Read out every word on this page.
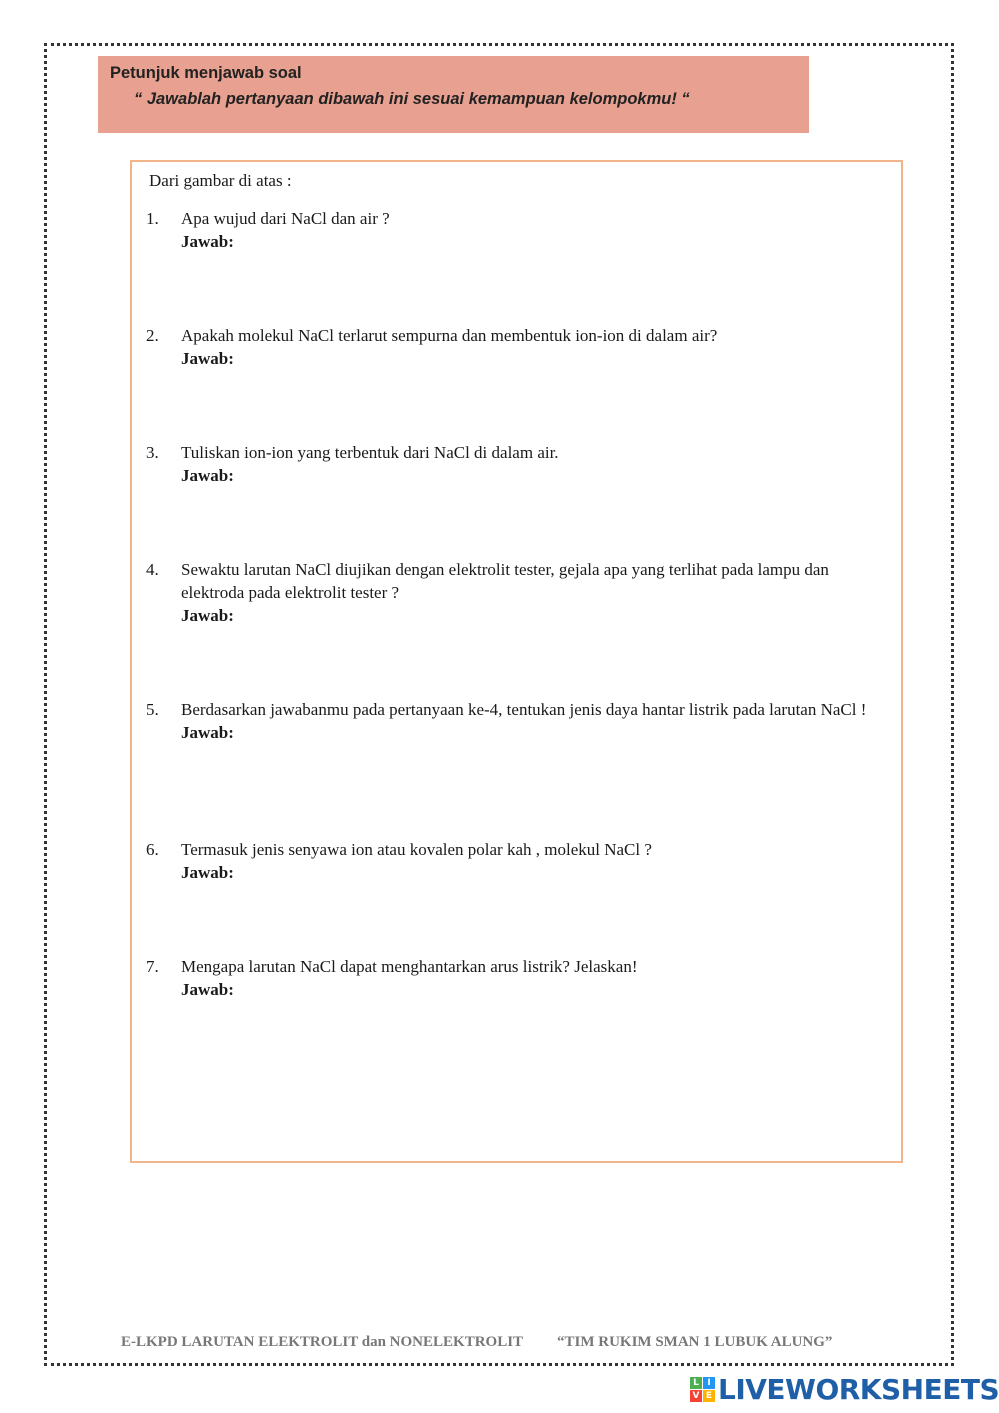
Petunjuk menjawab soal
“ Jawablah pertanyaan dibawah ini sesuai kemampuan kelompokmu! “
Dari gambar di atas :
1. Apa wujud dari NaCl dan air ?
Jawab:
2. Apakah molekul NaCl terlarut sempurna dan membentuk ion-ion di dalam air?
Jawab:
3. Tuliskan ion-ion yang terbentuk dari NaCl di dalam air.
Jawab:
4. Sewaktu larutan NaCl diujikan dengan elektrolit tester, gejala apa yang terlihat pada lampu dan elektroda pada elektrolit tester ?
Jawab:
5. Berdasarkan jawabanmu pada pertanyaan ke-4, tentukan jenis daya hantar listrik pada larutan NaCl !
Jawab:
6. Termasuk jenis senyawa ion atau kovalen polar kah , molekul NaCl ?
Jawab:
7. Mengapa larutan NaCl dapat menghantarkan arus listrik? Jelaskan!
Jawab:
E-LKPD LARUTAN ELEKTROLIT dan NONELEKTROLIT “TIM RUKIM SMAN 1 LUBUK ALUNG”
L I
V E LIVEWORKSHEETS
